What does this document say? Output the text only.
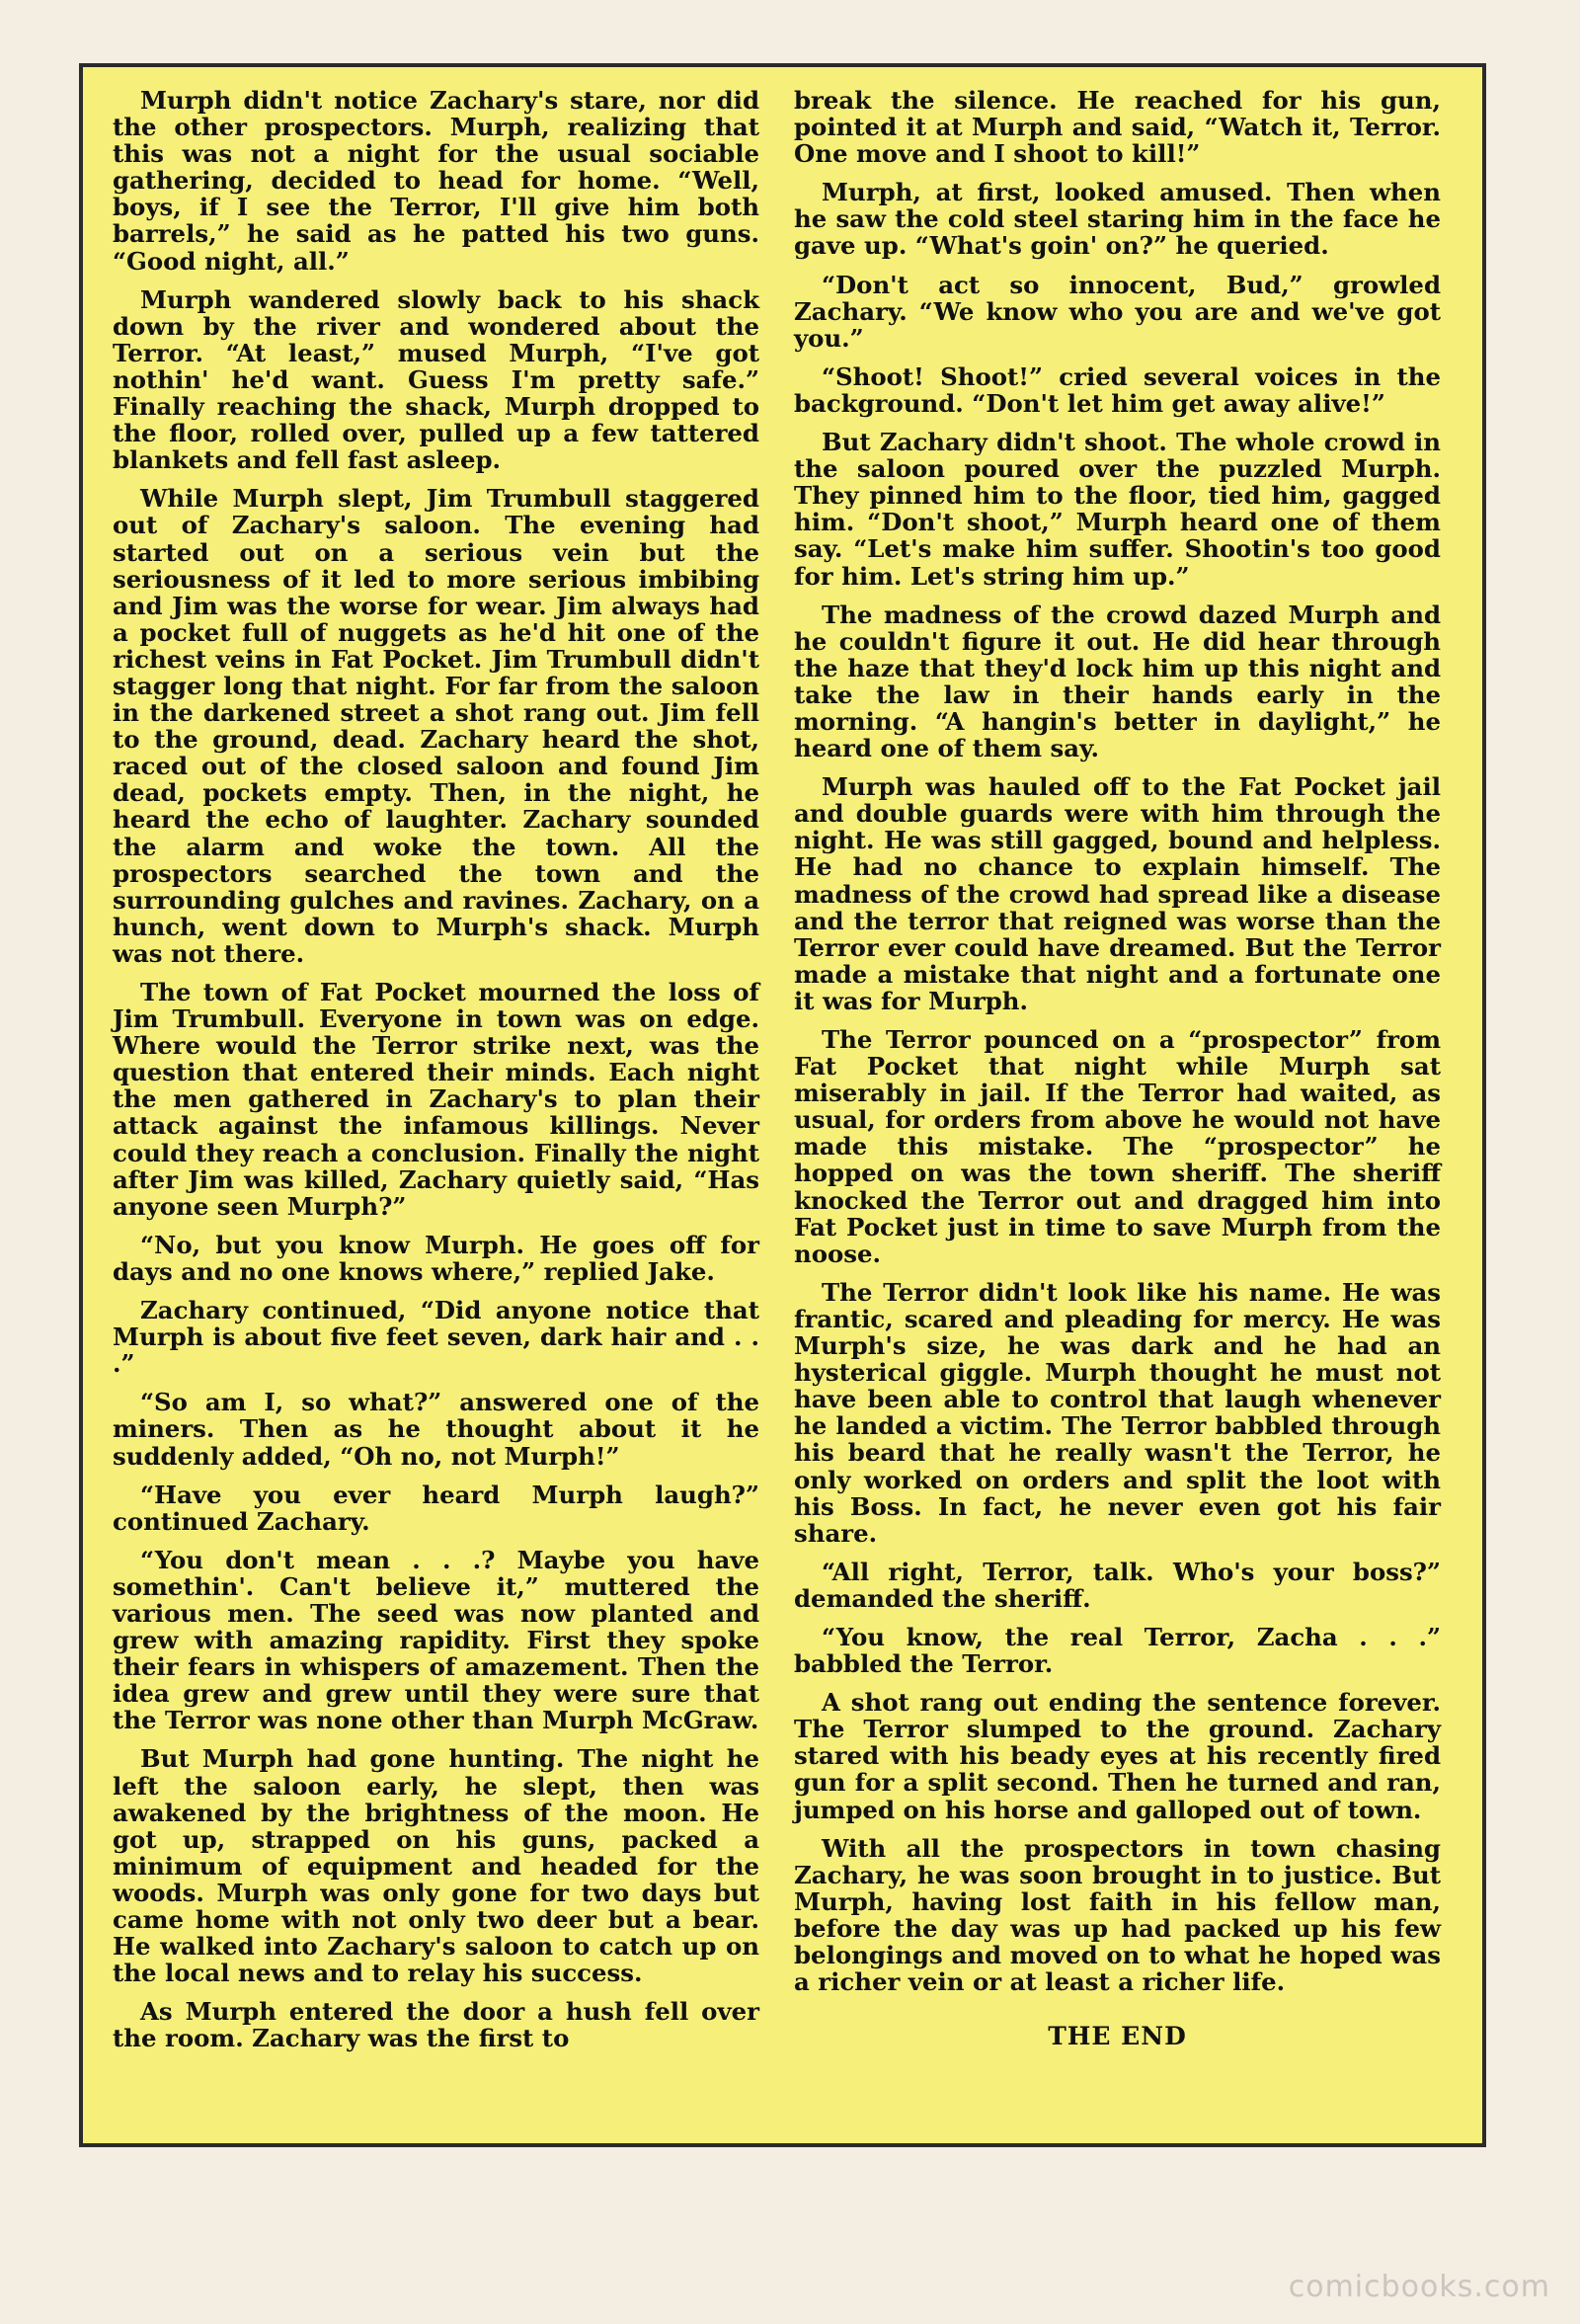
Murph didn't notice Zachary's stare, nor did the other prospectors. Murph, realizing that this was not a night for the usual sociable gathering, decided to head for home. “Well, boys, if I see the Terror, I'll give him both barrels,” he said as he patted his two guns. “Good night, all.”

Murph wandered slowly back to his shack down by the river and wondered about the Terror. “At least,” mused Murph, “I've got nothin' he'd want. Guess I'm pretty safe.” Finally reaching the shack, Murph dropped to the floor, rolled over, pulled up a few tattered blankets and fell fast asleep.

While Murph slept, Jim Trumbull staggered out of Zachary's saloon. The evening had started out on a serious vein but the seriousness of it led to more serious imbibing and Jim was the worse for wear. Jim always had a pocket full of nuggets as he'd hit one of the richest veins in Fat Pocket. Jim Trumbull didn't stagger long that night. For far from the saloon in the darkened street a shot rang out. Jim fell to the ground, dead. Zachary heard the shot, raced out of the closed saloon and found Jim dead, pockets empty. Then, in the night, he heard the echo of laughter. Zachary sounded the alarm and woke the town. All the prospectors searched the town and the surrounding gulches and ravines. Zachary, on a hunch, went down to Murph's shack. Murph was not there.

The town of Fat Pocket mourned the loss of Jim Trumbull. Everyone in town was on edge. Where would the Terror strike next, was the question that entered their minds. Each night the men gathered in Zachary's to plan their attack against the infamous killings. Never could they reach a conclusion. Finally the night after Jim was killed, Zachary quietly said, “Has anyone seen Murph?”

“No, but you know Murph. He goes off for days and no one knows where,” replied Jake.

Zachary continued, “Did anyone notice that Murph is about five feet seven, dark hair and . . .”

“So am I, so what?” answered one of the miners. Then as he thought about it he suddenly added, “Oh no, not Murph!”

“Have you ever heard Murph laugh?” continued Zachary.

“You don't mean . . .? Maybe you have somethin'. Can't believe it,” muttered the various men. The seed was now planted and grew with amazing rapidity. First they spoke their fears in whispers of amazement. Then the idea grew and grew until they were sure that the Terror was none other than Murph McGraw.

But Murph had gone hunting. The night he left the saloon early, he slept, then was awakened by the brightness of the moon. He got up, strapped on his guns, packed a minimum of equipment and headed for the woods. Murph was only gone for two days but came home with not only two deer but a bear. He walked into Zachary's saloon to catch up on the local news and to relay his success.

As Murph entered the door a hush fell over the room. Zachary was the first to

break the silence. He reached for his gun, pointed it at Murph and said, “Watch it, Terror. One move and I shoot to kill!”

Murph, at first, looked amused. Then when he saw the cold steel staring him in the face he gave up. “What's goin' on?” he queried.

“Don't act so innocent, Bud,” growled Zachary. “We know who you are and we've got you.”

“Shoot! Shoot!” cried several voices in the background. “Don't let him get away alive!”

But Zachary didn't shoot. The whole crowd in the saloon poured over the puzzled Murph. They pinned him to the floor, tied him, gagged him. “Don't shoot,” Murph heard one of them say. “Let's make him suffer. Shootin's too good for him. Let's string him up.”

The madness of the crowd dazed Murph and he couldn't figure it out. He did hear through the haze that they'd lock him up this night and take the law in their hands early in the morning. “A hangin's better in daylight,” he heard one of them say.

Murph was hauled off to the Fat Pocket jail and double guards were with him through the night. He was still gagged, bound and helpless. He had no chance to explain himself. The madness of the crowd had spread like a disease and the terror that reigned was worse than the Terror ever could have dreamed. But the Terror made a mistake that night and a fortunate one it was for Murph.

The Terror pounced on a “prospector” from Fat Pocket that night while Murph sat miserably in jail. If the Terror had waited, as usual, for orders from above he would not have made this mistake. The “prospector” he hopped on was the town sheriff. The sheriff knocked the Terror out and dragged him into Fat Pocket just in time to save Murph from the noose.

The Terror didn't look like his name. He was frantic, scared and pleading for mercy. He was Murph's size, he was dark and he had an hysterical giggle. Murph thought he must not have been able to control that laugh whenever he landed a victim. The Terror babbled through his beard that he really wasn't the Terror, he only worked on orders and split the loot with his Boss. In fact, he never even got his fair share.

“All right, Terror, talk. Who's your boss?” demanded the sheriff.

“You know, the real Terror, Zacha . . .” babbled the Terror.

A shot rang out ending the sentence forever. The Terror slumped to the ground. Zachary stared with his beady eyes at his recently fired gun for a split second. Then he turned and ran, jumped on his horse and galloped out of town.

With all the prospectors in town chasing Zachary, he was soon brought in to justice. But Murph, having lost faith in his fellow man, before the day was up had packed up his few belongings and moved on to what he hoped was a richer vein or at least a richer life.

THE END

comicbooks.com
